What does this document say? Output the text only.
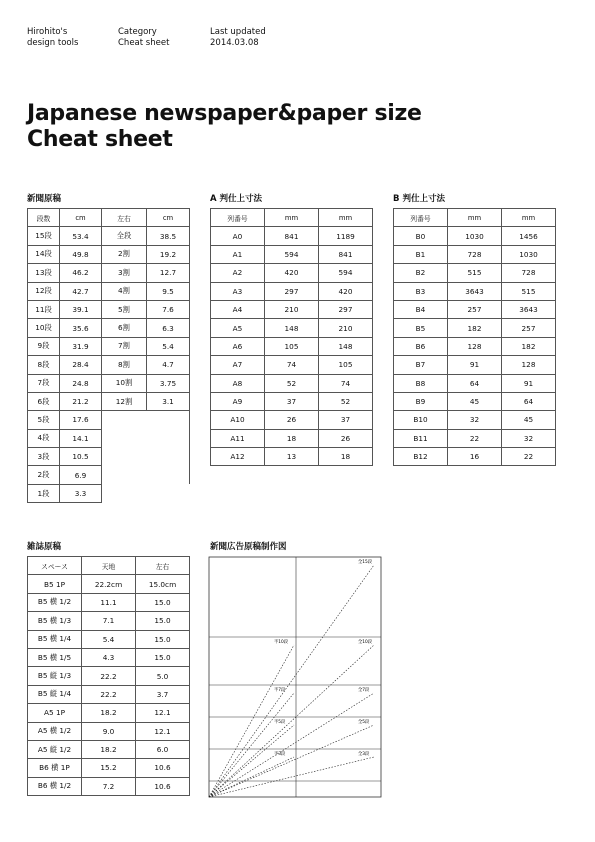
Hirohito's
design tools
Category
Cheat sheet
Last updated
2014.03.08
Japanese newspaper&paper size
Cheat sheet
新聞原稿	A 判仕上寸法	B 判仕上寸法
雑誌原稿	新聞広告原稿制作図
段数	cm	左右	cm
15段	53.4	全段	38.5
14段	49.8	2割	19.2
13段	46.2	3割	12.7
12段	42.7	4割	9.5
11段	39.1	5割	7.6
10段	35.6	6割	6.3
9段	31.9	7割	5.4
8段	28.4	8割	4.7
7段	24.8	10割	3.75
6段	21.2	12割	3.1
5段	17.6		
4段	14.1		
3段	10.5		
2段	6.9		
1段	3.3		
列番号	mm	mm
A0	841	1189
A1	594	841
A2	420	594
A3	297	420
A4	210	297
A5	148	210
A6	105	148
A7	74	105
A8	52	74
A9	37	52
A10	26	37
A11	18	26
A12	13	18
列番号	mm	mm
B0	1030	1456
B1	728	1030
B2	515	728
B3	3643	515
B4	257	3643
B5	182	257
B6	128	182
B7	91	128
B8	64	91
B9	45	64
B10	32	45
B11	22	32
B12	16	22
スペース	天地	左右
B5 1P	22.2cm	15.0cm
B5 横 1/2	11.1	15.0
B5 横 1/3	7.1	15.0
B5 横 1/4	5.4	15.0
B5 横 1/5	4.3	15.0
B5 縦 1/3	22.2	5.0
B5 縦 1/4	22.2	3.7
A5 1P	18.2	12.1
A5 横 1/2	9.0	12.1
A5 縦 1/2	18.2	6.0
B6 横 1P	15.2	10.6
B6 横 1/2	7.2	10.6
全15段
全10段
全7段
全5段
全3段
半10段
半7段
半5段
半3段
